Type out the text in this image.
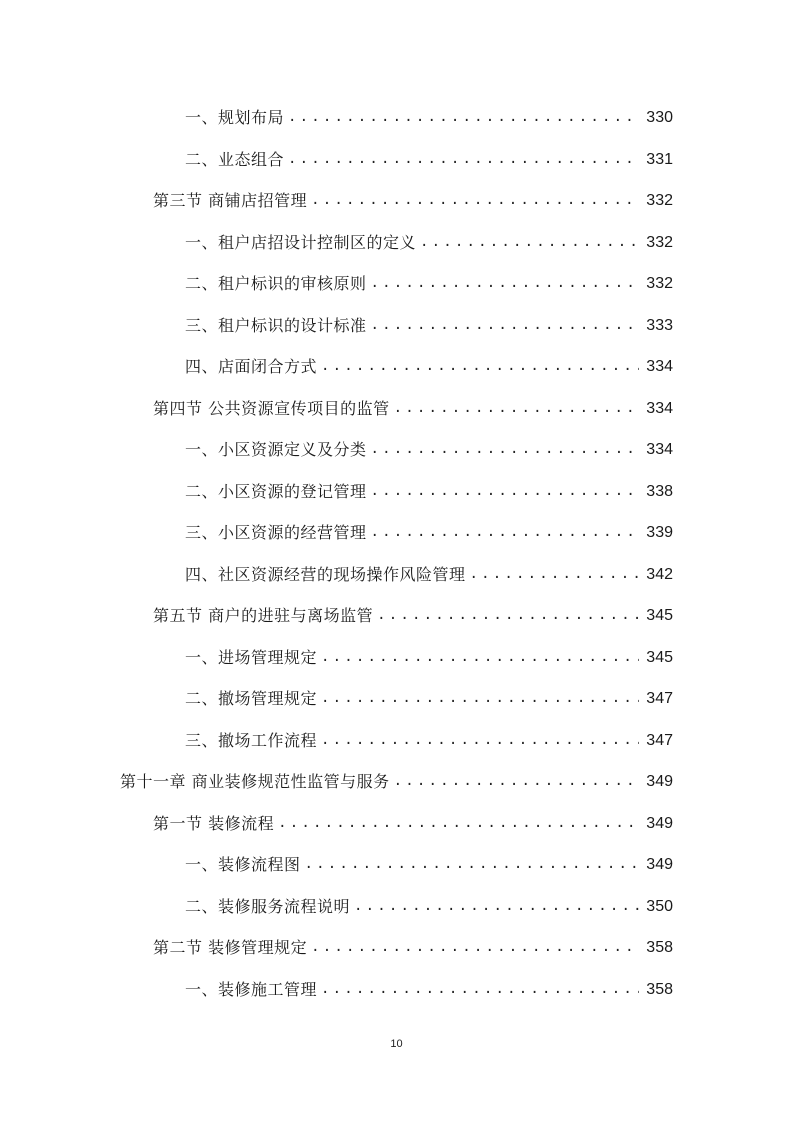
一、规划布局 .....	330
二、业态组合 .....	331
第三节 商铺店招管理 .....	332
一、租户店招设计控制区的定义 .....	332
二、租户标识的审核原则 .....	332
三、租户标识的设计标准 .....	333
四、店面闭合方式 .....	334
第四节 公共资源宣传项目的监管 .....	334
一、小区资源定义及分类 .....	334
二、小区资源的登记管理 .....	338
三、小区资源的经营管理 .....	339
四、社区资源经营的现场操作风险管理 .....	342
第五节 商户的进驻与离场监管 .....	345
一、进场管理规定 .....	345
二、撤场管理规定 .....	347
三、撤场工作流程 .....	347
第十一章 商业装修规范性监管与服务 .....	349
第一节 装修流程 .....	349
一、装修流程图 .....	349
二、装修服务流程说明 .....	350
第二节 装修管理规定 .....	358
一、装修施工管理 .....	358
10
